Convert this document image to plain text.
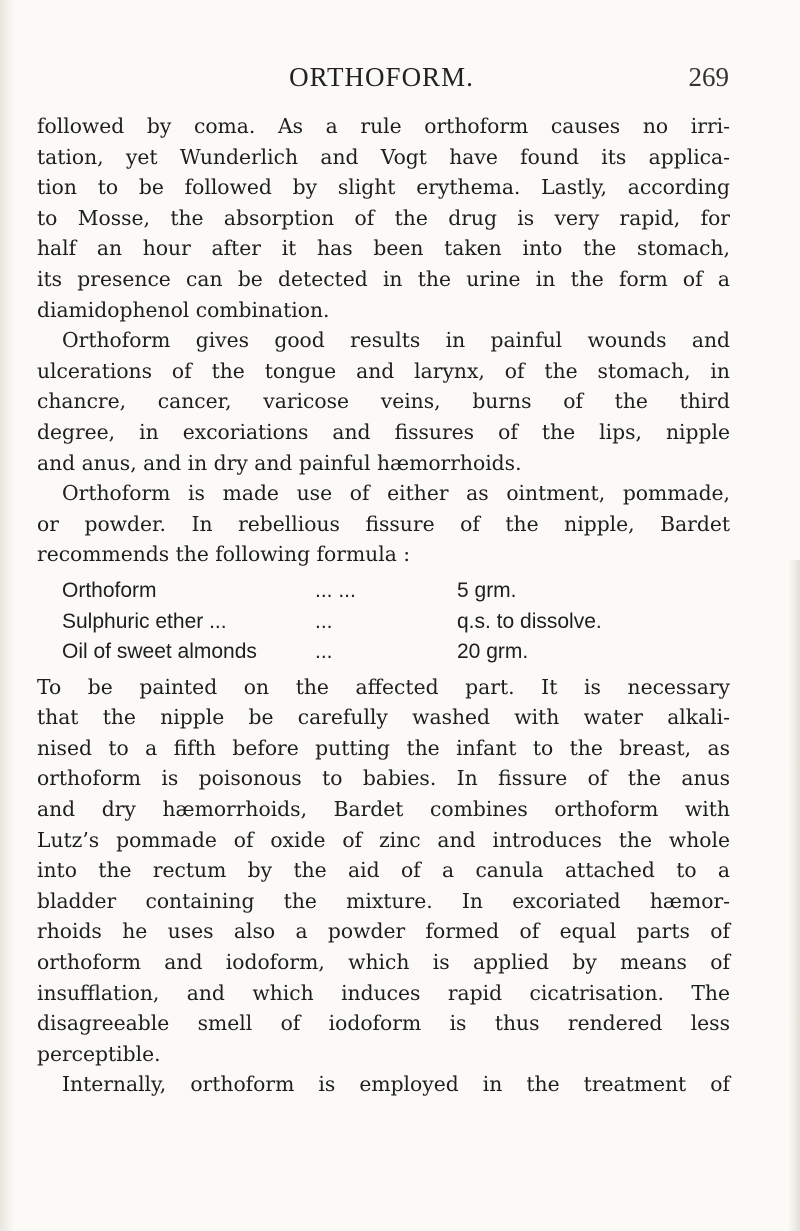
ORTHOFORM.	269
followed by coma. As a rule orthoform causes no irri-
tation, yet Wunderlich and Vogt have found its applica-
tion to be followed by slight erythema. Lastly, according
to Mosse, the absorption of the drug is very rapid, for
half an hour after it has been taken into the stomach,
its presence can be detected in the urine in the form of a
diamidophenol combination.
Orthoform gives good results in painful wounds and
ulcerations of the tongue and larynx, of the stomach, in
chancre, cancer, varicose veins, burns of the third
degree, in excoriations and fissures of the lips, nipple
and anus, and in dry and painful hæmorrhoids.
Orthoform is made use of either as ointment, pommade,
or powder. In rebellious fissure of the nipple, Bardet
recommends the following formula :
Orthoform	... ...	5 grm.
Sulphuric ether ...	...	q.s. to dissolve.
Oil of sweet almonds	...	20 grm.
To be painted on the affected part. It is necessary
that the nipple be carefully washed with water alkali-
nised to a fifth before putting the infant to the breast, as
orthoform is poisonous to babies. In fissure of the anus
and dry hæmorrhoids, Bardet combines orthoform with
Lutz’s pommade of oxide of zinc and introduces the whole
into the rectum by the aid of a canula attached to a
bladder containing the mixture. In excoriated hæmor-
rhoids he uses also a powder formed of equal parts of
orthoform and iodoform, which is applied by means of
insufflation, and which induces rapid cicatrisation. The
disagreeable smell of iodoform is thus rendered less
perceptible.
Internally, orthoform is employed in the treatment of
